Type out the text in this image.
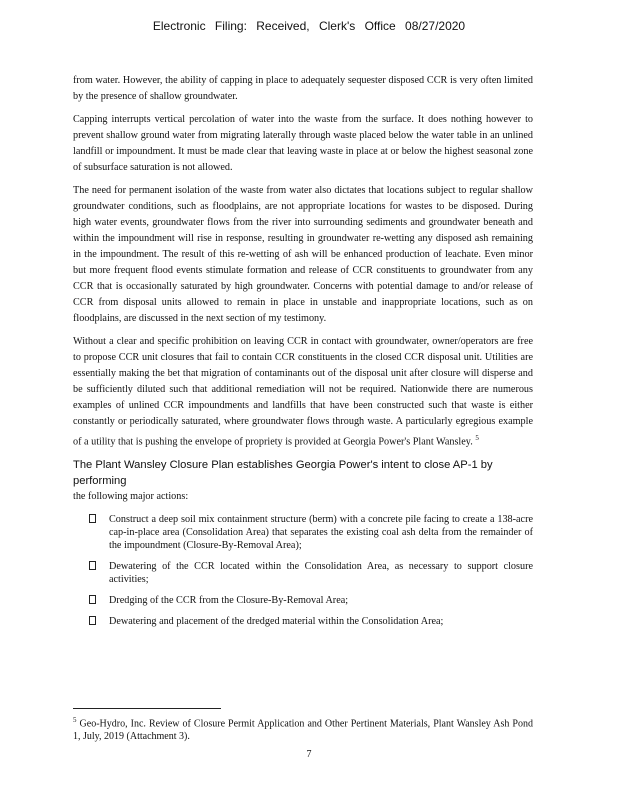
Electronic Filing: Received, Clerk's Office 08/27/2020

from water. However, the ability of capping in place to adequately sequester disposed CCR is very often limited by the presence of shallow groundwater.

Capping interrupts vertical percolation of water into the waste from the surface. It does nothing however to prevent shallow ground water from migrating laterally through waste placed below the water table in an unlined landfill or impoundment. It must be made clear that leaving waste in place at or below the highest seasonal zone of subsurface saturation is not allowed.

The need for permanent isolation of the waste from water also dictates that locations subject to regular shallow groundwater conditions, such as floodplains, are not appropriate locations for wastes to be disposed. During high water events, groundwater flows from the river into surrounding sediments and groundwater beneath and within the impoundment will rise in response, resulting in groundwater re-wetting any disposed ash remaining in the impoundment. The result of this re-wetting of ash will be enhanced production of leachate. Even minor but more frequent flood events stimulate formation and release of CCR constituents to groundwater from any CCR that is occasionally saturated by high groundwater. Concerns with potential damage to and/or release of CCR from disposal units allowed to remain in place in unstable and inappropriate locations, such as on floodplains, are discussed in the next section of my testimony.

Without a clear and specific prohibition on leaving CCR in contact with groundwater, owner/operators are free to propose CCR unit closures that fail to contain CCR constituents in the closed CCR disposal unit. Utilities are essentially making the bet that migration of contaminants out of the disposal unit after closure will disperse and be sufficiently diluted such that additional remediation will not be required. Nationwide there are numerous examples of unlined CCR impoundments and landfills that have been constructed such that waste is either constantly or periodically saturated, where groundwater flows through waste. A particularly egregious example of a utility that is pushing the envelope of propriety is provided at Georgia Power's Plant Wansley. $^5$

The Plant Wansley Closure Plan establishes Georgia Power's intent to close AP-1 by performing

the following major actions:

Construct a deep soil mix containment structure (berm) with a concrete pile facing to create a 138-acre cap-in-place area (Consolidation Area) that separates the existing coal ash delta from the remainder of the impoundment (Closure-By-Removal Area);
Dewatering of the CCR located within the Consolidation Area, as necessary to support closure activities;
Dredging of the CCR from the Closure-By-Removal Area;
Dewatering and placement of the dredged material within the Consolidation Area;
$^5$ Geo-Hydro, Inc. Review of Closure Permit Application and Other Pertinent Materials, Plant Wansley Ash Pond 1, July, 2019 (Attachment 3).
7
